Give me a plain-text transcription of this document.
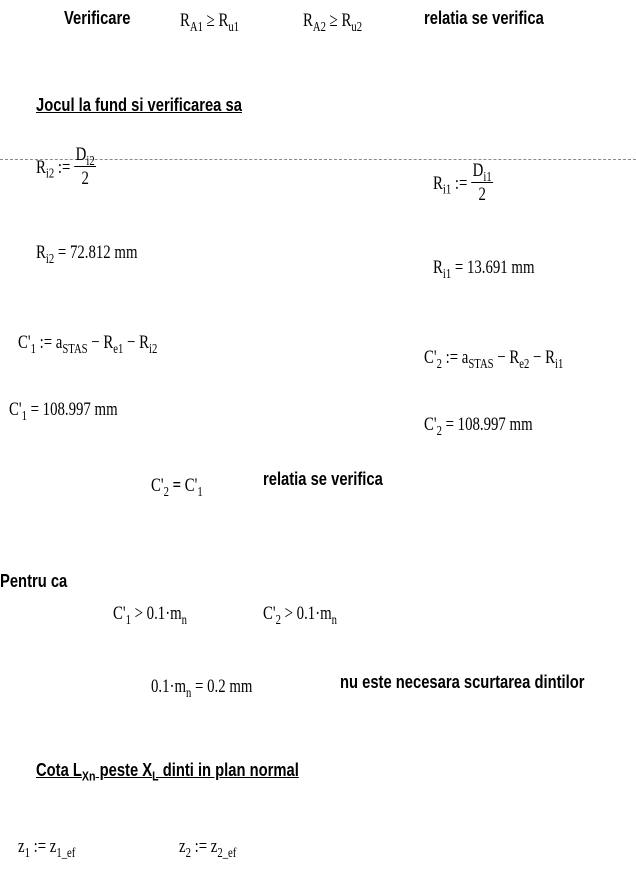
Verificare	$R_{A1} \ge R_{u1}$	$R_{A2} \ge R_{u2}$	relatia se verifica
Jocul la fund si verificarea sa
$R_{i2}$ := $\frac{D_{i2}}{2}$	$R_{i1}$ := $\frac{D_{i1}}{2}$
$R_{i2} = 72.812$ mm
$R_{i1} = 13.691$ mm
$C'_1$ := $a_{STAS} - R_{e1} - R_{i2}$	$C'_2$ := $a_{STAS} - R_{e2} - R_{i1}$
$C'_1 = 108.997$ mm
$C'_2 = 108.997$ mm
$C'_2 = C'_1$
relatia se verifica
Pentru ca
$C'_1 > 0.1\cdot m_n$	$C'_2 > 0.1\cdot m_n$
$0.1\cdot m_n = 0.2$ mm	nu este necesara scurtarea dintilor
Cota $L_{Xn}$ peste $X_L$ dinti in plan normal
$z_1$ := $z_{1\_ef}$	$z_2$ := $z_{2\_ef}$
